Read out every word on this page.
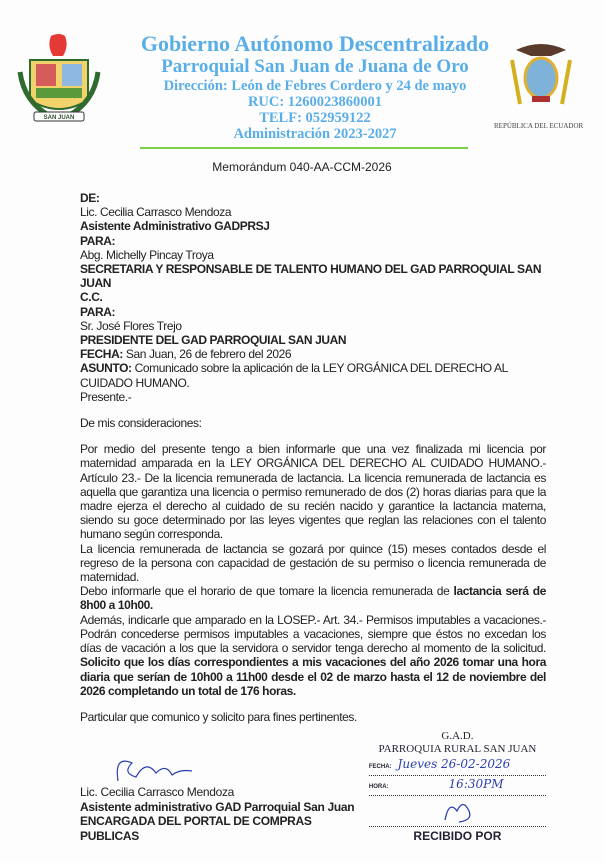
SAN JUAN
Gobierno Autónomo Descentralizado
Parroquial San Juan de Juana de Oro
Dirección: León de Febres Cordero y 24 de mayo
RUC: 1260023860001
TELF: 052959122
Administración 2023-2027	REPÚBLICA DEL ECUADOR
Memorándum 040-AA-CCM-2026

DE:

Lic. Cecilia Carrasco Mendoza

Asistente Administrativo GADPRSJ

PARA:

Abg. Michelly Pincay Troya

SECRETARIA Y RESPONSABLE DE TALENTO HUMANO DEL GAD PARROQUIAL SAN JUAN

C.C.

PARA:

Sr. José Flores Trejo

PRESIDENTE DEL GAD PARROQUIAL SAN JUAN

FECHA: San Juan, 26 de febrero del 2026

ASUNTO: Comunicado sobre la aplicación de la LEY ORGÁNICA DEL DERECHO AL CUIDADO HUMANO.

Presente.-

De mis consideraciones:

Por medio del presente tengo a bien informarle que una vez finalizada mi licencia por maternidad amparada en la LEY ORGÁNICA DEL DERECHO AL CUIDADO HUMANO.- Artículo 23.- De la licencia remunerada de lactancia. La licencia remunerada de lactancia es aquella que garantiza una licencia o permiso remunerado de dos (2) horas diarias para que la madre ejerza el derecho al cuidado de su recién nacido y garantice la lactancia materna, siendo su goce determinado por las leyes vigentes que reglan las relaciones con el talento humano según corresponda.

La licencia remunerada de lactancia se gozará por quince (15) meses contados desde el regreso de la persona con capacidad de gestación de su permiso o licencia remunerada de maternidad.

Debo informarle que el horario de que tomare la licencia remunerada de lactancia será de 8h00 a 10h00.

Además, indicarle que amparado en la LOSEP.- Art. 34.- Permisos imputables a vacaciones.- Podrán concederse permisos imputables a vacaciones, siempre que éstos no excedan los días de vacación a los que la servidora o servidor tenga derecho al momento de la solicitud. Solicito que los días correspondientes a mis vacaciones del año 2026 tomar una hora diaria que serían de 10h00 a 11h00 desde el 02 de marzo hasta el 12 de noviembre del 2026 completando un total de 176 horas.

Particular que comunico y solicito para fines pertinentes.

Lic. Cecilia Carrasco Mendoza
Asistente administrativo GAD Parroquial San Juan
ENCARGADA DEL PORTAL DE COMPRAS PUBLICAS
G.A.D.
PARROQUIA RURAL SAN JUAN
FECHA: Jueves 26-02-2026
HORA:	16:30PM
RECIBIDO POR
